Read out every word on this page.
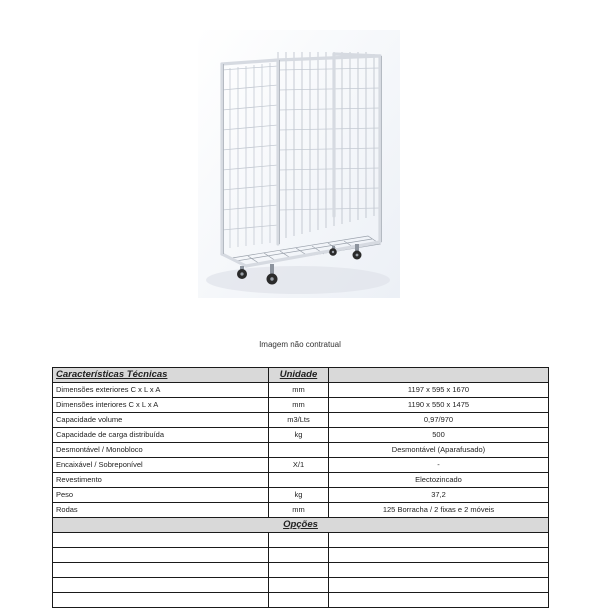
Imagem não contratual
Características Técnicas	Unidade	
Dimensões exteriores C x L x A	mm	1197 x 595 x 1670
Dimensões interiores C x L x A	mm	1190 x 550 x 1475
Capacidade volume	m3/Lts	0,97/970
Capacidade de carga distribuída	kg	500
Desmontável / Monobloco		Desmontável (Aparafusado)
Encaixável / Sobreponível	X/1	-
Revestimento		Electozincado
Peso	kg	37,2
Rodas	mm	125 Borracha / 2 fixas e 2 móveis
Opções		
